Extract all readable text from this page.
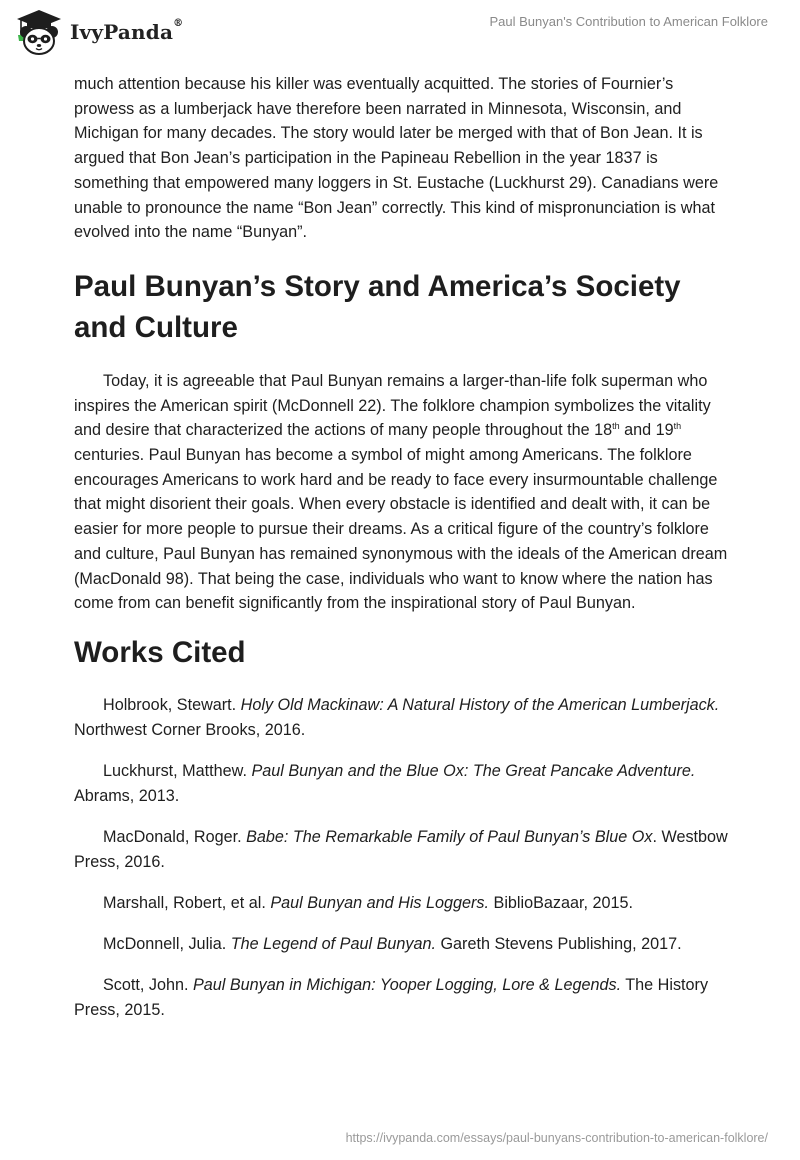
IvyPanda®	Paul Bunyan's Contribution to American Folklore

much attention because his killer was eventually acquitted. The stories of Fournier’s prowess as a lumberjack have therefore been narrated in Minnesota, Wisconsin, and Michigan for many decades. The story would later be merged with that of Bon Jean. It is argued that Bon Jean’s participation in the Papineau Rebellion in the year 1837 is something that empowered many loggers in St. Eustache (Luckhurst 29). Canadians were unable to pronounce the name “Bon Jean” correctly. This kind of mispronunciation is what evolved into the name “Bunyan”.

Paul Bunyan’s Story and America’s Society and Culture

Today, it is agreeable that Paul Bunyan remains a larger-than-life folk superman who inspires the American spirit (McDonnell 22). The folklore champion symbolizes the vitality and desire that characterized the actions of many people throughout the 18th and 19th centuries. Paul Bunyan has become a symbol of might among Americans. The folklore encourages Americans to work hard and be ready to face every insurmountable challenge that might disorient their goals. When every obstacle is identified and dealt with, it can be easier for more people to pursue their dreams. As a critical figure of the country’s folklore and culture, Paul Bunyan has remained synonymous with the ideals of the American dream (MacDonald 98). That being the case, individuals who want to know where the nation has come from can benefit significantly from the inspirational story of Paul Bunyan.

Works Cited

Holbrook, Stewart. Holy Old Mackinaw: A Natural History of the American Lumberjack. Northwest Corner Brooks, 2016.

Luckhurst, Matthew. Paul Bunyan and the Blue Ox: The Great Pancake Adventure. Abrams, 2013.

MacDonald, Roger. Babe: The Remarkable Family of Paul Bunyan’s Blue Ox. Westbow Press, 2016.

Marshall, Robert, et al. Paul Bunyan and His Loggers. BiblioBazaar, 2015.

McDonnell, Julia. The Legend of Paul Bunyan. Gareth Stevens Publishing, 2017.

Scott, John. Paul Bunyan in Michigan: Yooper Logging, Lore & Legends. The History Press, 2015.

https://ivypanda.com/essays/paul-bunyans-contribution-to-american-folklore/
